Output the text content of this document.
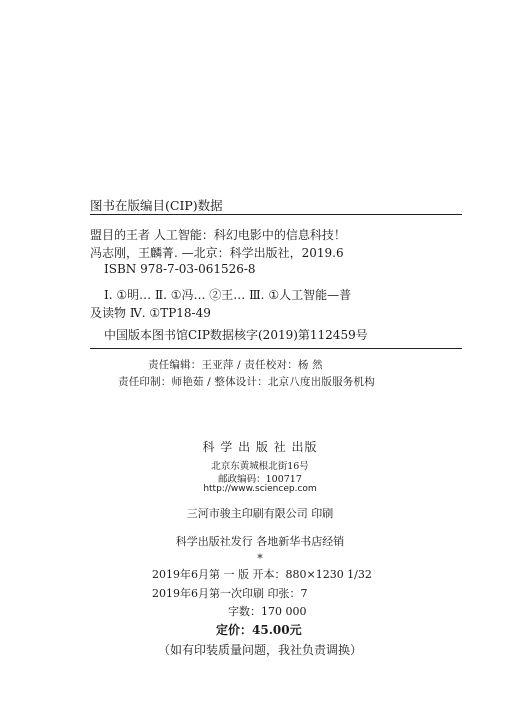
图书在版编目(CIP)数据
盟目的王者 人工智能：科幻电影中的信息科技！
冯志刚，王麟菁. —北京：科学出版社，2019.6
ISBN 978-7-03-061526-8
Ⅰ. ①明… Ⅱ. ①冯… ②王… Ⅲ. ①人工智能—普
及读物 Ⅳ. ①TP18-49
中国版本图书馆CIP数据核字(2019)第112459号
责任编辑：王亚萍 / 责任校对：杨 然
责任印制：师艳茹 / 整体设计：北京八度出版服务机构
科 学 出 版 社 出版
北京东黄城根北街16号
邮政编码：100717
http://www.sciencep.com
三河市骏主印刷有限公司 印刷
科学出版社发行 各地新华书店经销
*
2019年6月第 一 版 开本：880×1230 1/32
2019年6月第一次印刷 印张：7
字数：170 000
定价：45.00元
（如有印装质量问题，我社负责调换）
